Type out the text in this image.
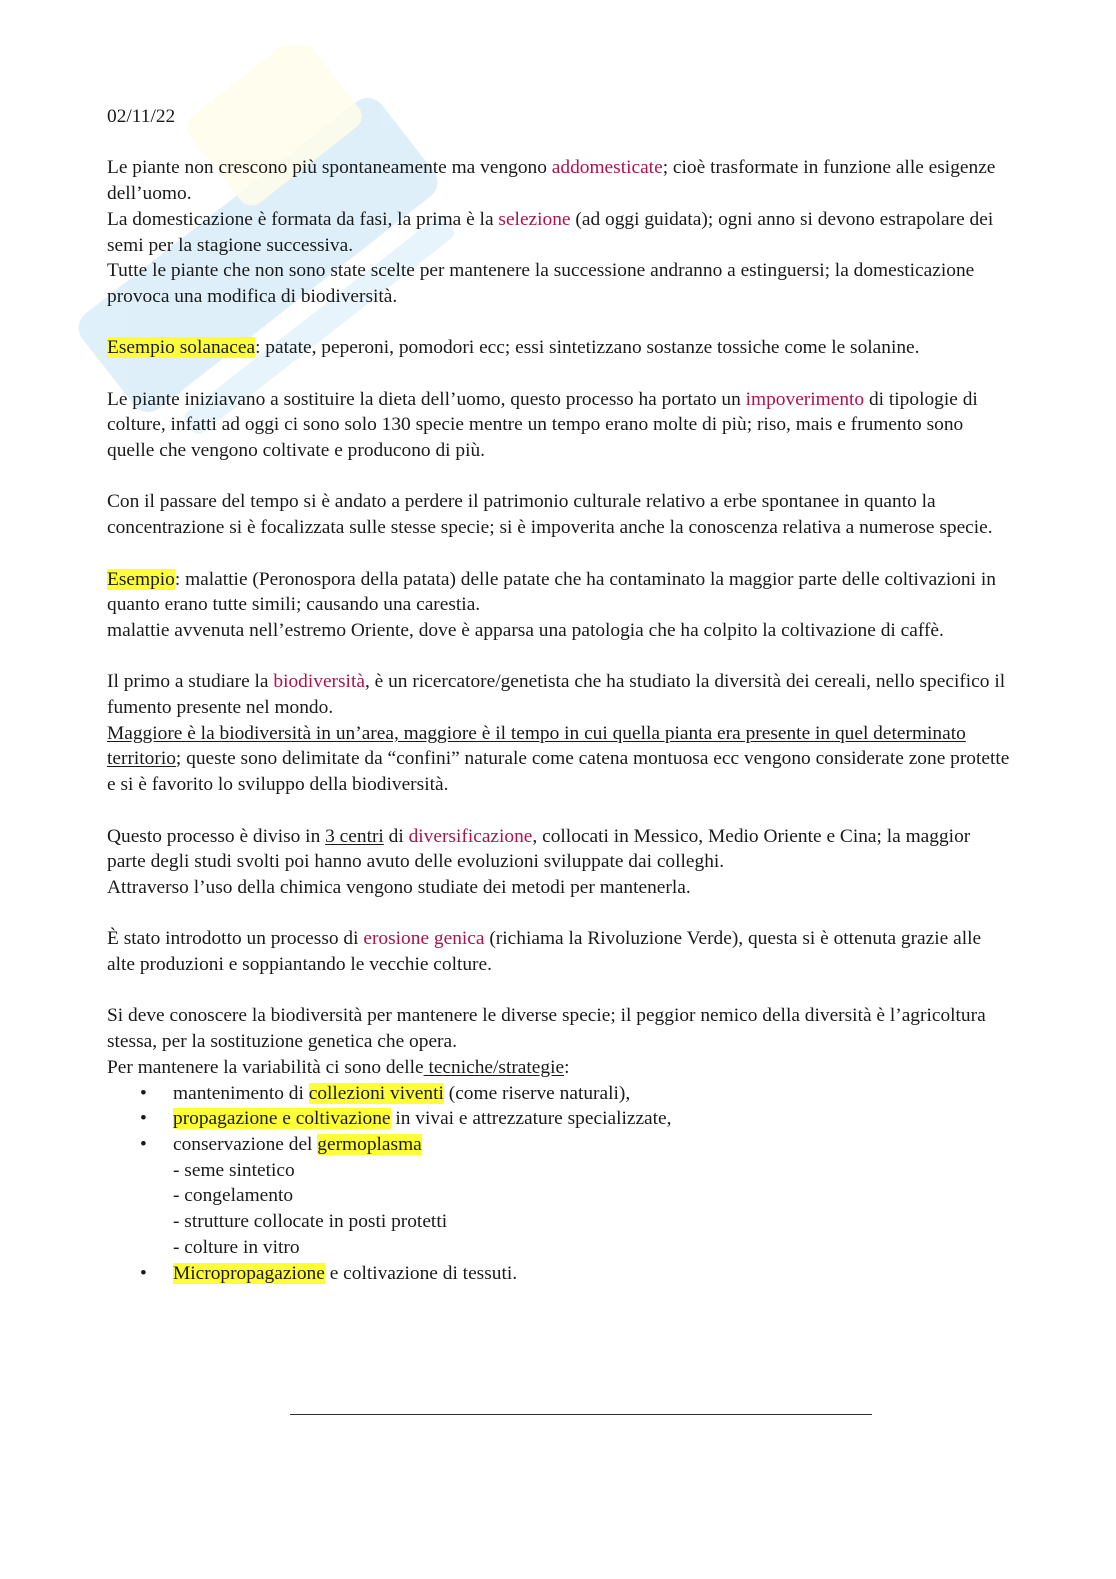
02/11/22

Le piante non crescono più spontaneamente ma vengono addomesticate; cioè trasformate in funzione alle esigenze dell’uomo.

La domesticazione è formata da fasi, la prima è la selezione (ad oggi guidata); ogni anno si devono estrapolare dei semi per la stagione successiva.

Tutte le piante che non sono state scelte per mantenere la successione andranno a estinguersi; la domesticazione provoca una modifica di biodiversità.

Esempio solanacea: patate, peperoni, pomodori ecc; essi sintetizzano sostanze tossiche come le solanine.

Le piante iniziavano a sostituire la dieta dell’uomo, questo processo ha portato un impoverimento di tipologie di colture, infatti ad oggi ci sono solo 130 specie mentre un tempo erano molte di più; riso, mais e frumento sono quelle che vengono coltivate e producono di più.

Con il passare del tempo si è andato a perdere il patrimonio culturale relativo a erbe spontanee in quanto la concentrazione si è focalizzata sulle stesse specie; si è impoverita anche la conoscenza relativa a numerose specie.

Esempio: malattie (Peronospora della patata) delle patate che ha contaminato la maggior parte delle coltivazioni in quanto erano tutte simili; causando una carestia.

malattie avvenuta nell’estremo Oriente, dove è apparsa una patologia che ha colpito la coltivazione di caffè.

Il primo a studiare la biodiversità, è un ricercatore/genetista che ha studiato la diversità dei cereali, nello specifico il fumento presente nel mondo.

Maggiore è la biodiversità in un’area, maggiore è il tempo in cui quella pianta era presente in quel determinato territorio; queste sono delimitate da “confini” naturale come catena montuosa ecc vengono considerate zone protette e si è favorito lo sviluppo della biodiversità.

Questo processo è diviso in 3 centri di diversificazione, collocati in Messico, Medio Oriente e Cina; la maggior parte degli studi svolti poi hanno avuto delle evoluzioni sviluppate dai colleghi.

Attraverso l’uso della chimica vengono studiate dei metodi per mantenerla.

È stato introdotto un processo di erosione genica (richiama la Rivoluzione Verde), questa si è ottenuta grazie alle alte produzioni e soppiantando le vecchie colture.

Si deve conoscere la biodiversità per mantenere le diverse specie; il peggior nemico della diversità è l’agricoltura stessa, per la sostituzione genetica che opera.

Per mantenere la variabilità ci sono delle tecniche/strategie:

• mantenimento di collezioni viventi (come riserve naturali),
• propagazione e coltivazione in vivai e attrezzature specializzate,
• conservazione del germoplasma
- seme sintetico
- congelamento
- strutture collocate in posti protetti
- colture in vitro
• Micropropagazione e coltivazione di tessuti.
